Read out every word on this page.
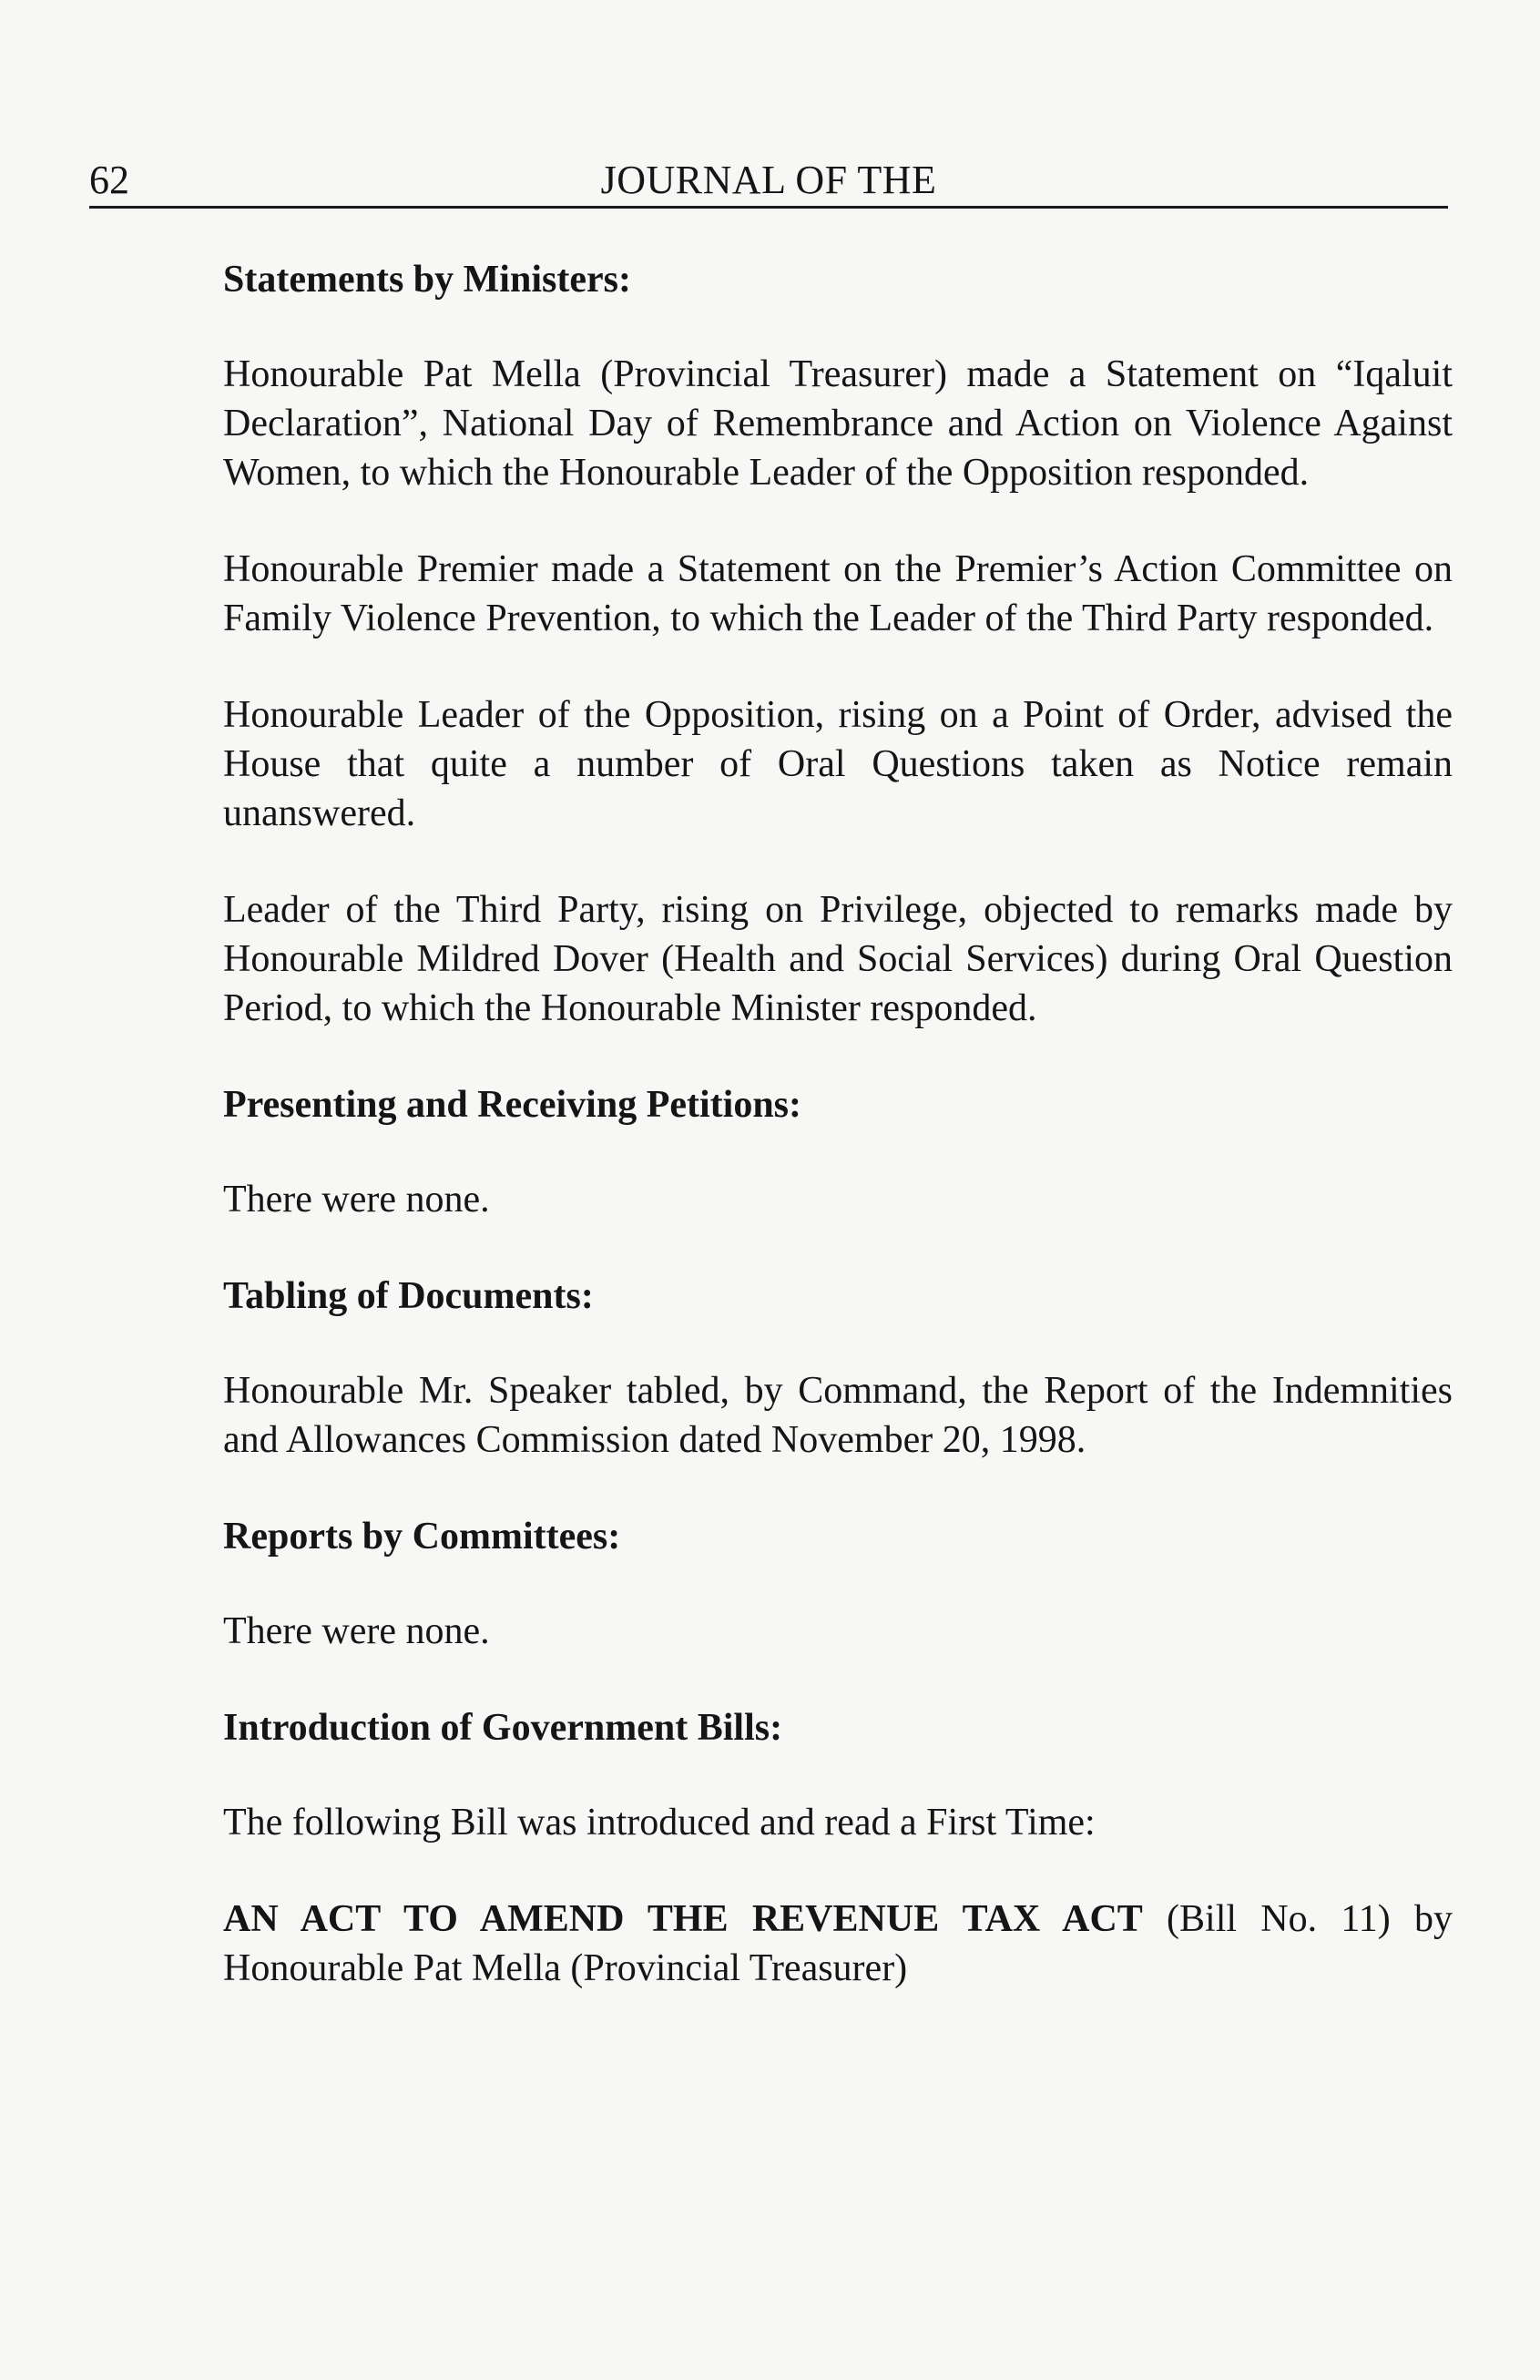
62	JOURNAL OF THE
Statements by Ministers:
Honourable Pat Mella (Provincial Treasurer) made a Statement on “Iqaluit Declaration”, National Day of Remembrance and Action on Violence Against Women, to which the Honourable Leader of the Opposition responded.
Honourable Premier made a Statement on the Premier’s Action Committee on Family Violence Prevention, to which the Leader of the Third Party responded.
Honourable Leader of the Opposition, rising on a Point of Order, advised the House that quite a number of Oral Questions taken as Notice remain unanswered.
Leader of the Third Party, rising on Privilege, objected to remarks made by Honourable Mildred Dover (Health and Social Services) during Oral Question Period, to which the Honourable Minister responded.
Presenting and Receiving Petitions:
There were none.
Tabling of Documents:
Honourable Mr. Speaker tabled, by Command, the Report of the Indemnities and Allowances Commission dated November 20, 1998.
Reports by Committees:
There were none.
Introduction of Government Bills:
The following Bill was introduced and read a First Time:
AN ACT TO AMEND THE REVENUE TAX ACT (Bill No. 11) by Honourable Pat Mella (Provincial Treasurer)
